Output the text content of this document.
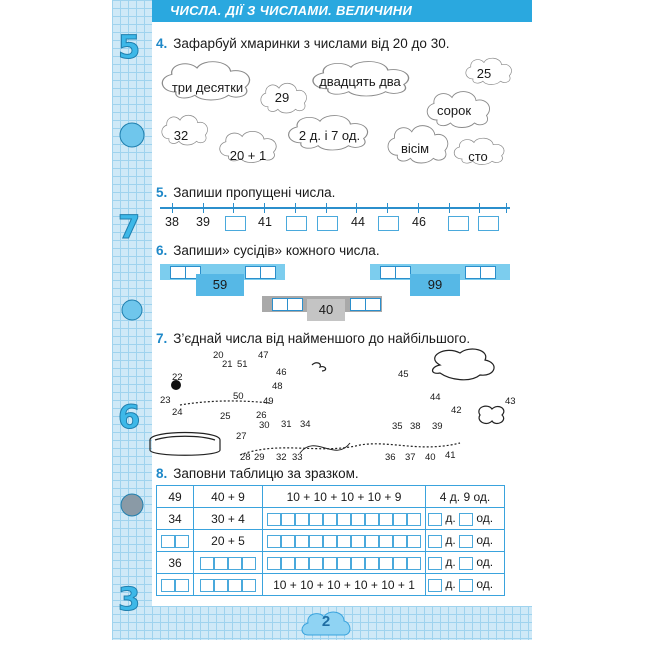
ЧИСЛА. ДІЇ З ЧИСЛАМИ. ВЕЛИЧИНИ
5
7
6
3
4. Зафарбуй хмаринки з числами від 20 до 30.
три десятки
29
двадцять два
25
сорок
32
20 + 1
2 д. і 7 од.
вісім
сто
5. Запиши пропущені числа.
38	39	41	44	46
6. Запиши» сусідів» кожного числа.
59	99
40
7. З’єднай числа від найменшого до найбільшого.
20	47
21 51
22	46
48
45
23	50 49
24
44	43
42
25	26
27
30 31 34	35 38 39
28 29 32 33	36 37 40 41
8. Заповни таблицю за зразком.
49	40 + 9	10 + 10 + 10 + 10 + 9	4 д. 9 од.
34	30 + 4		д. од.
	20 + 5		д. од.
36			д. од.
		10 + 10 + 10 + 10 + 10 + 1	д. од.
2
